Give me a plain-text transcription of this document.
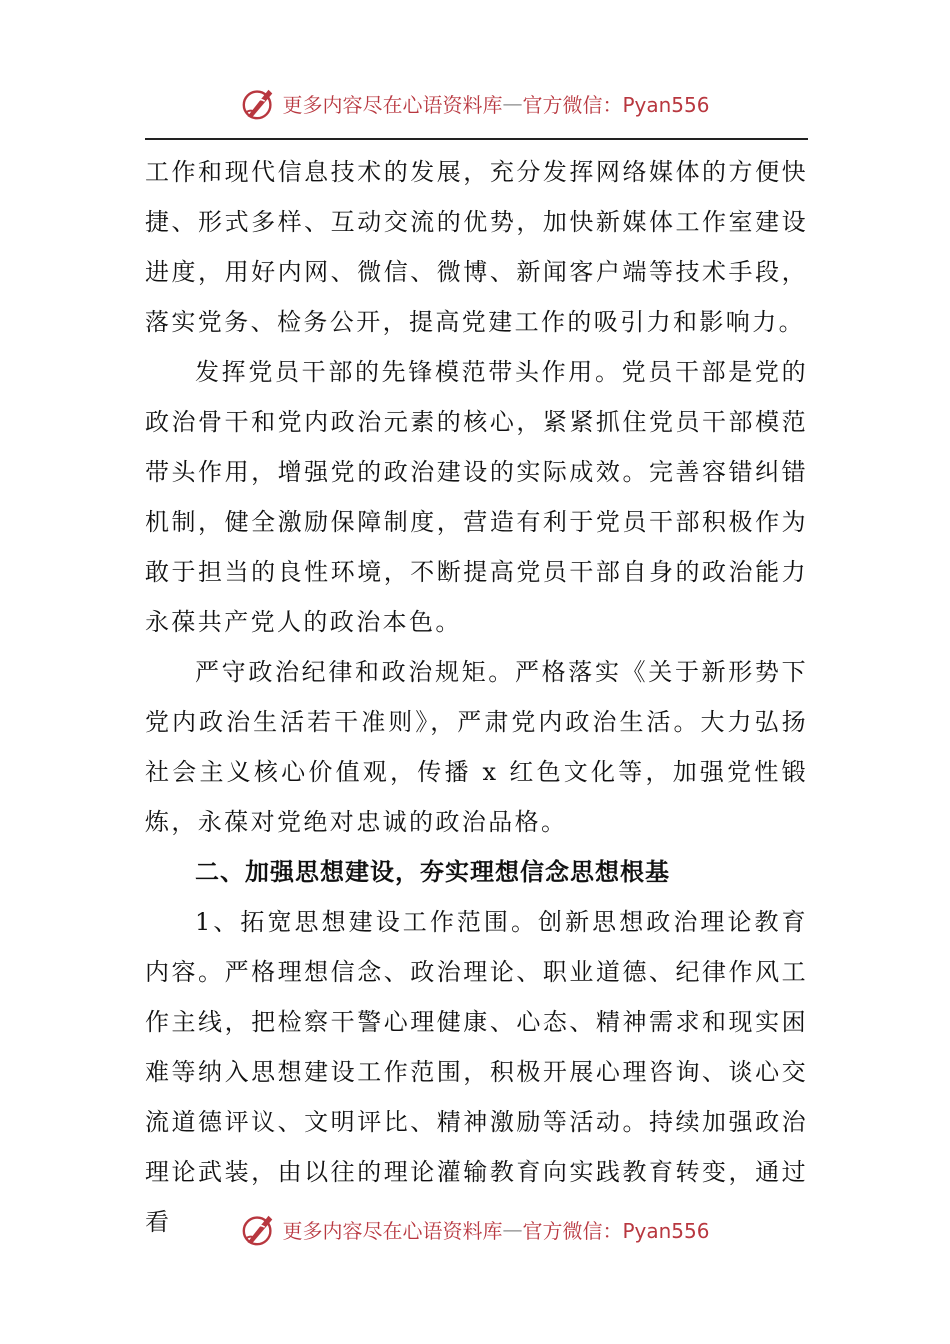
更多内容尽在心语资料库 — 官方微信：Pyan556

工作和现代信息技术的发展，充分发挥网络媒体的方便快捷、形式多样、互动交流的优势，加快新媒体工作室建设进度，用好内网、微信、微博、新闻客户端等技术手段，落实党务、检务公开，提高党建工作的吸引力和影响力。

发挥党员干部的先锋模范带头作用。党员干部是党的政治骨干和党内政治元素的核心，紧紧抓住党员干部模范带头作用，增强党的政治建设的实际成效。完善容错纠错机制，健全激励保障制度，营造有利于党员干部积极作为敢于担当的良性环境，不断提高党员干部自身的政治能力永葆共产党人的政治本色。

严守政治纪律和政治规矩。严格落实《关于新形势下党内政治生活若干准则》，严肃党内政治生活。大力弘扬社会主义核心价值观，传播 x 红色文化等，加强党性锻炼，永葆对党绝对忠诚的政治品格。

二、加强思想建设，夯实理想信念思想根基

1、拓宽思想建设工作范围。创新思想政治理论教育内容。严格理想信念、政治理论、职业道德、纪律作风工作主线，把检察干警心理健康、心态、精神需求和现实困难等纳入思想建设工作范围，积极开展心理咨询、谈心交流道德评议、文明评比、精神激励等活动。持续加强政治理论武装，由以往的理论灌输教育向实践教育转变，通过看	更多内容尽在心语资料库 — 官方微信：Pyan556
